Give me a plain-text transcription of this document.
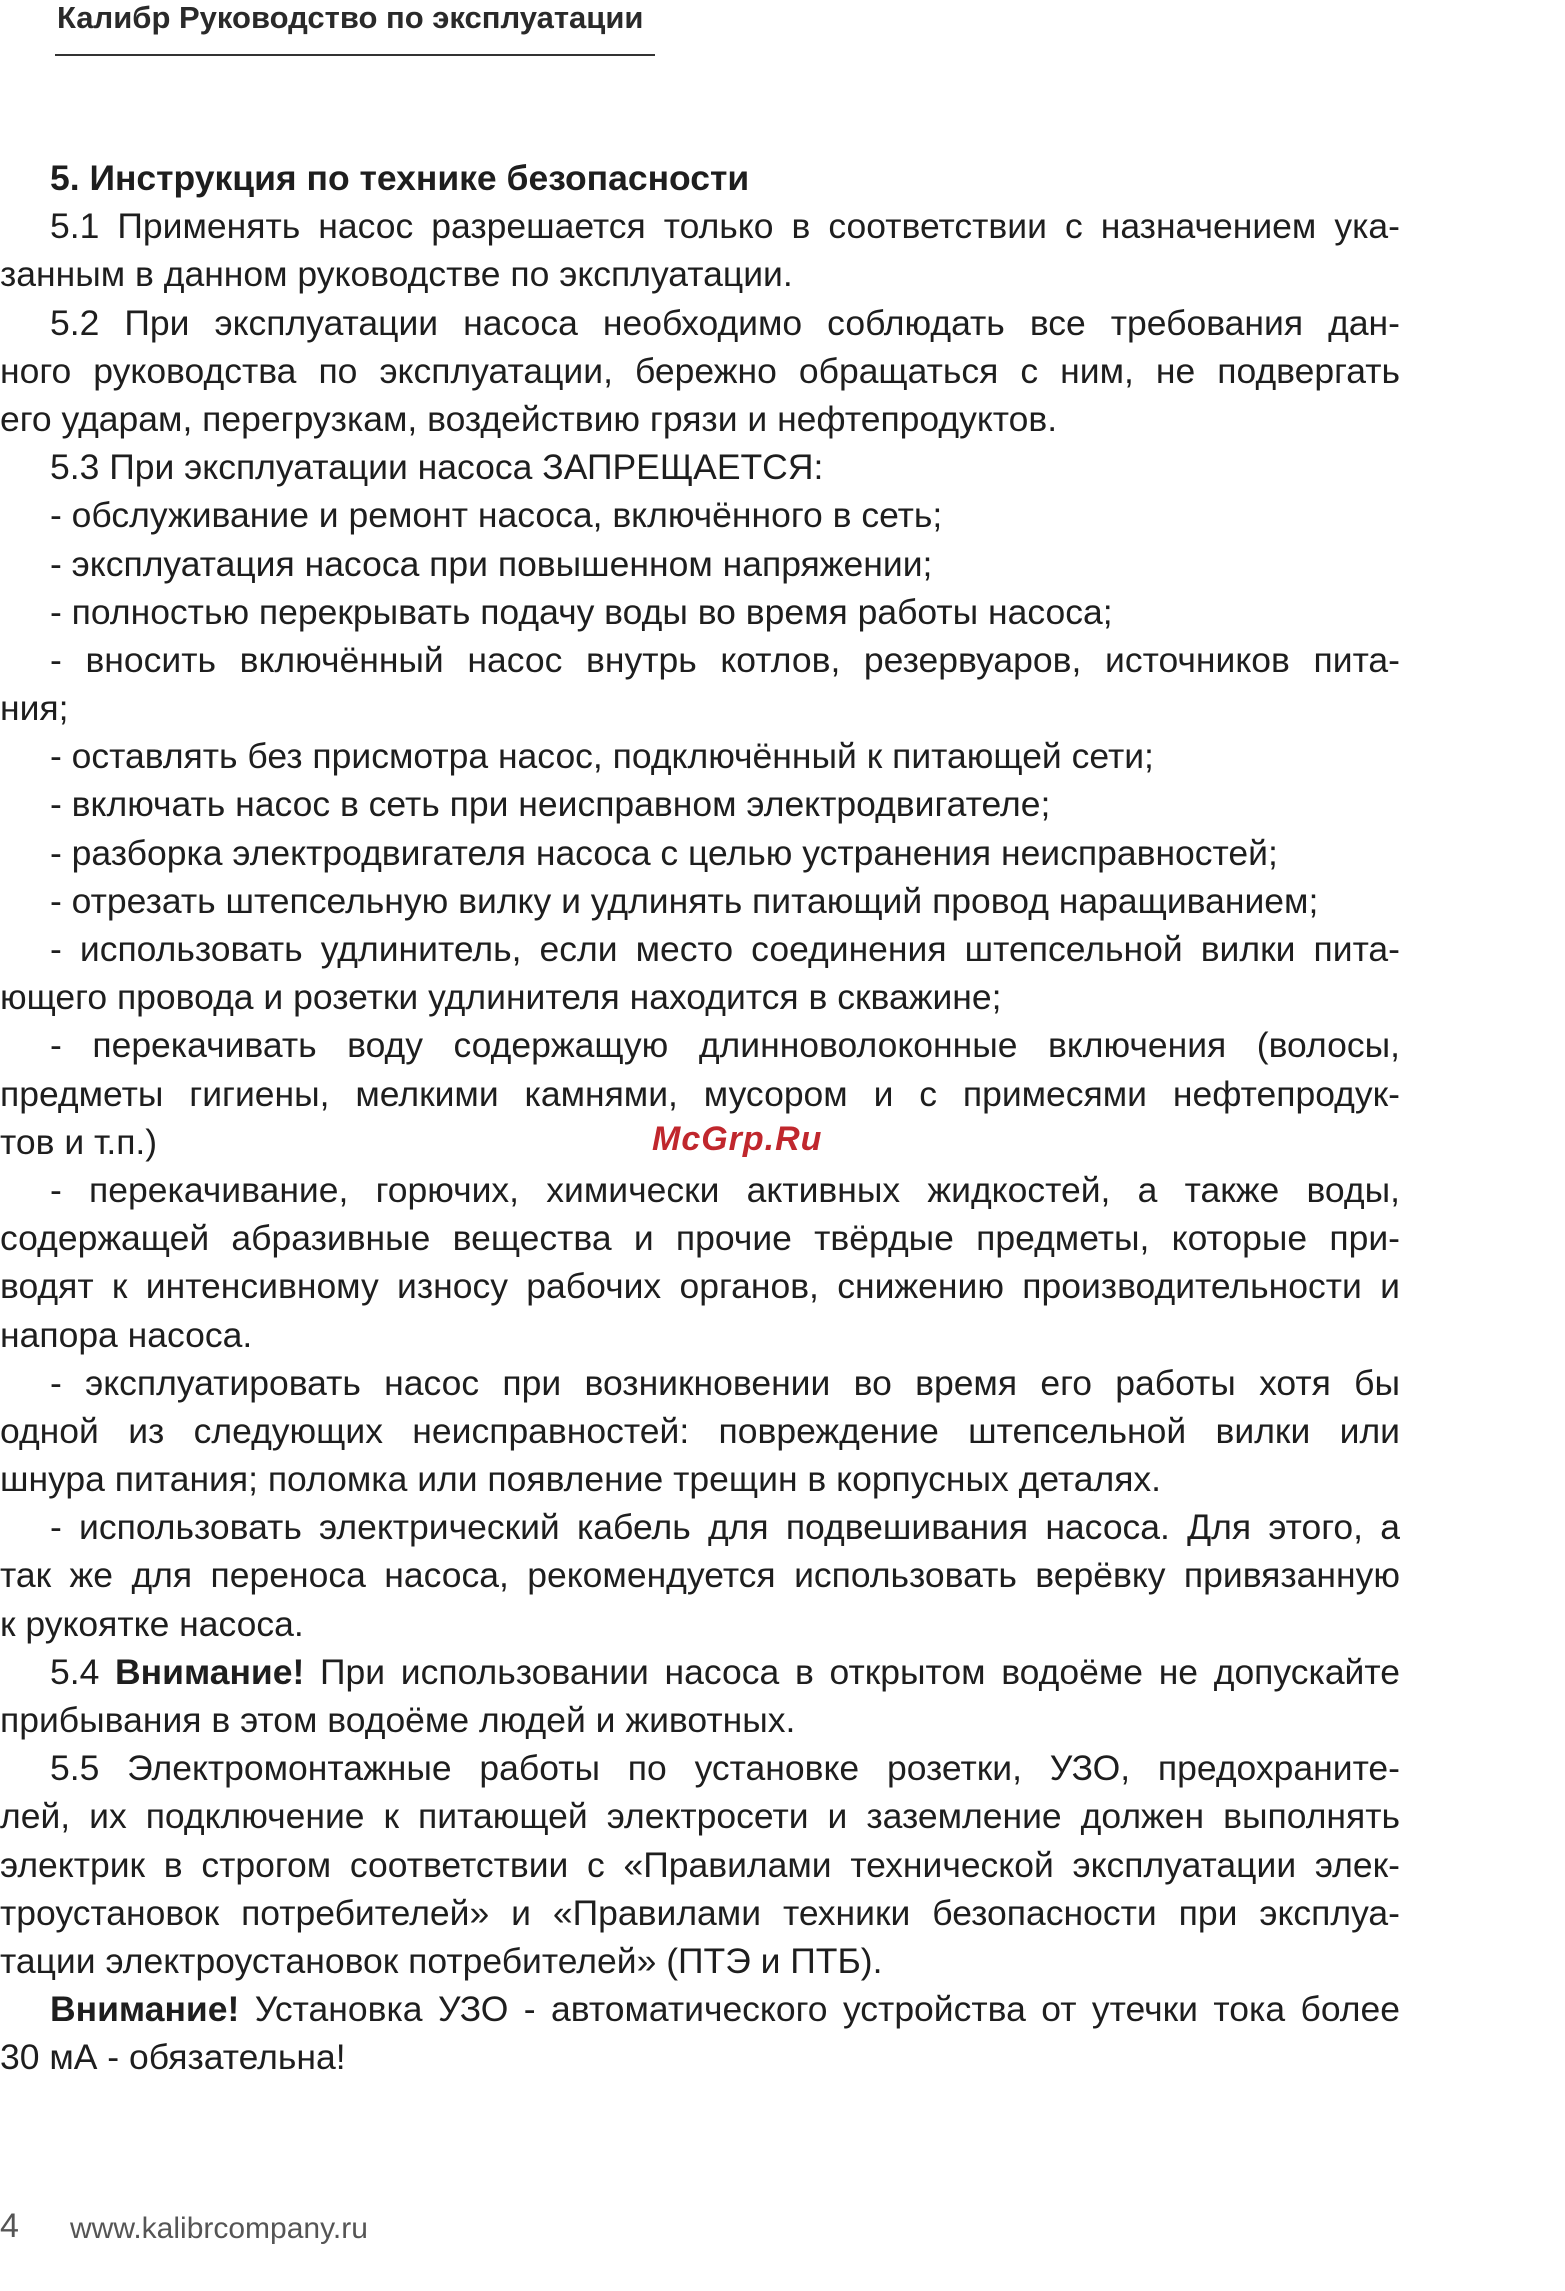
Калибр Руководство по эксплуатации
5. Инструкция по технике безопасности
5.1 Применять насос разрешается только в соответствии с назначением ука-
занным в данном руководстве по эксплуатации.
5.2 При эксплуатации насоса необходимо соблюдать все требования дан-
ного руководства по эксплуатации, бережно обращаться с ним, не подвергать
его ударам, перегрузкам, воздействию грязи и нефтепродуктов.
5.3 При эксплуатации насоса ЗАПРЕЩАЕТСЯ:
- обслуживание и ремонт насоса, включённого в сеть;
- эксплуатация насоса при повышенном напряжении;
- полностью перекрывать подачу воды во время работы насоса;
- вносить включённый насос внутрь котлов, резервуаров, источников пита-
ния;
- оставлять без присмотра насос, подключённый к питающей сети;
- включать насос в сеть при неисправном электродвигателе;
- разборка электродвигателя насоса с целью устранения неисправностей;
- отрезать штепсельную вилку и удлинять питающий провод наращиванием;
- использовать удлинитель, если место соединения штепсельной вилки пита-
ющего провода и розетки удлинителя находится в скважине;
- перекачивать воду содержащую длинноволоконные включения (волосы,
предметы гигиены, мелкими камнями, мусором и с примесями нефтепродук-
тов и т.п.)
- перекачивание, горючих, химически активных жидкостей, а также воды,
содержащей абразивные вещества и прочие твёрдые предметы, которые при-
водят к интенсивному износу рабочих органов, снижению производительности и
напора насоса.
- эксплуатировать насос при возникновении во время его работы хотя бы
одной из следующих неисправностей: повреждение штепсельной вилки или
шнура питания; поломка или появление трещин в корпусных деталях.
- использовать электрический кабель для подвешивания насоса. Для этого, а
так же для переноса насоса, рекомендуется использовать верёвку привязанную
к рукоятке насоса.
5.4 Внимание! При использовании насоса в открытом водоёме не допускайте
прибывания в этом водоёме людей и животных.
5.5 Электромонтажные работы по установке розетки, УЗО, предохраните-
лей, их подключение к питающей электросети и заземление должен выполнять
электрик в строгом соответствии с «Правилами технической эксплуатации элек-
троустановок потребителей» и «Правилами техники безопасности при эксплуа-
тации электроустановок потребителей» (ПТЭ и ПТБ).
Внимание! Установка УЗО - автоматического устройства от утечки тока более
30 мА - обязательна!
McGrp.Ru
4 www.kalibrcompany.ru
